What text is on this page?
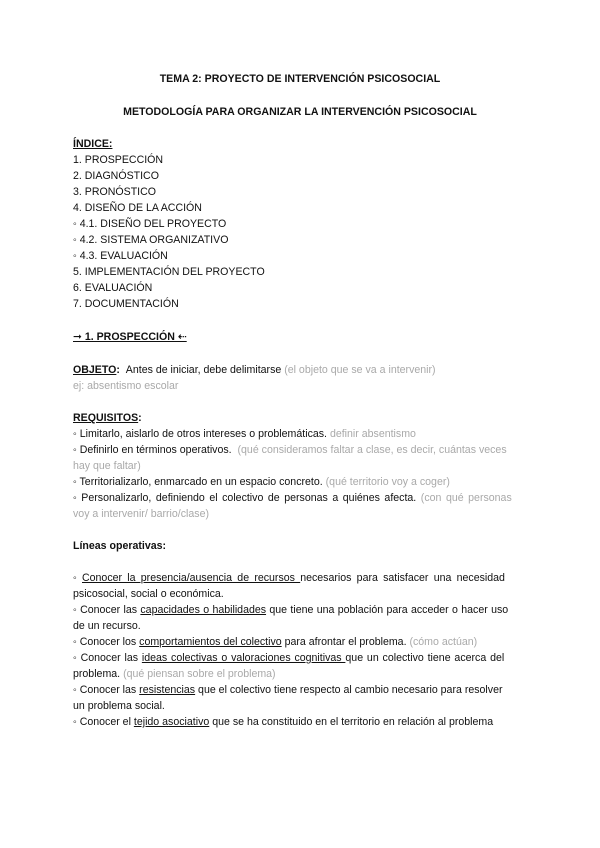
TEMA 2: PROYECTO DE INTERVENCIÓN PSICOSOCIAL
METODOLOGÍA PARA ORGANIZAR LA INTERVENCIÓN PSICOSOCIAL
ÍNDICE:
1. PROSPECCIÓN
2. DIAGNÓSTICO
3. PRONÓSTICO
4. DISEÑO DE LA ACCIÓN
◦ 4.1. DISEÑO DEL PROYECTO
◦ 4.2. SISTEMA ORGANIZATIVO
◦ 4.3. EVALUACIÓN
5. IMPLEMENTACIÓN DEL PROYECTO
6. EVALUACIÓN
7. DOCUMENTACIÓN
➞ 1. PROSPECCIÓN ⇠
OBJETO: Antes de iniciar, debe delimitarse (el objeto que se va a intervenir)
ej: absentismo escolar
REQUISITOS:
◦ Limitarlo, aislarlo de otros intereses o problemáticas. definir absentismo
◦ Definirlo en términos operativos. (qué consideramos faltar a clase, es decir, cuántas veces
hay que faltar)
◦ Territorializarlo, enmarcado en un espacio concreto. (qué territorio voy a coger)
◦ Personalizarlo, definiendo el colectivo de personas a quiénes afecta. (con qué personas
voy a intervenir/ barrio/clase)
Líneas operativas:
◦ Conocer la presencia/ausencia de recursos necesarios para satisfacer una necesidad
psicosocial, social o económica.
◦ Conocer las capacidades o habilidades que tiene una población para acceder o hacer uso
de un recurso.
◦ Conocer los comportamientos del colectivo para afrontar el problema. (cómo actúan)
◦ Conocer las ideas colectivas o valoraciones cognitivas que un colectivo tiene acerca del
problema. (qué piensan sobre el problema)
◦ Conocer las resistencias que el colectivo tiene respecto al cambio necesario para resolver
un problema social.
◦ Conocer el tejido asociativo que se ha constituido en el territorio en relación al problema
